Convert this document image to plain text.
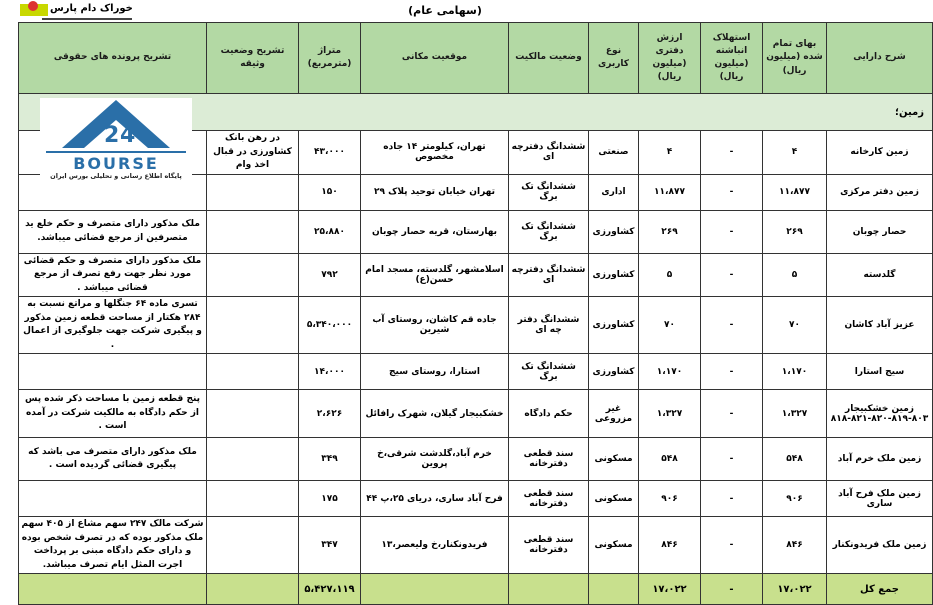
خوراک دام پارس	(سهامی عام)
شرح دارایی	بهای تمام شده (میلیون ریال)	استهلاک انباشته (میلیون ریال)	ارزش دفتری (میلیون ریال)	نوع کاربری	وضعیت مالکیت	موقعیت مکانی	متراژ (مترمربع)	تشریح وضعیت وثیقه	تشریح پرونده های حقوقی
زمین؛									
زمین کارخانه	۴	-	۴	صنعتی	ششدانگ دفترچه ای	تهران، کیلومتر ۱۴ جاده مخصوص	۴۳،۰۰۰	در رهن بانک کشاورزی در قبال اخذ وام	
زمین دفتر مرکزی	۱۱،۸۷۷	-	۱۱،۸۷۷	اداری	ششدانگ تک برگ	تهران خیابان توحید پلاک ۲۹	۱۵۰		
حصار چوبان	۲۶۹	-	۲۶۹	کشاورزی	ششدانگ تک برگ	بهارستان، قریه حصار چوبان	۲۵،۸۸۰		ملک مذکور دارای متصرف و حکم خلع ید متصرفین از مرجع قضائی میباشد.
گلدسته	۵	-	۵	کشاورزی	ششدانگ دفترچه ای	اسلامشهر، گلدسته، مسجد امام حسن(ع)	۷۹۲		ملک مذکور دارای متصرف و حکم قضائی مورد نظر جهت رفع تصرف از مرجع قضائی میباشد .
عزیز آباد کاشان	۷۰	-	۷۰	کشاورزی	ششدانگ دفتر چه ای	جاده قم کاشان، روستای آب شیرین	۵،۳۴۰،۰۰۰		تسری ماده ۶۴ جنگلها و مراتع نسبت به ۲۸۴ هکتار از مساحت قطعه زمین مذکور و پیگیری شرکت جهت جلوگیری از اعمال .
سیج استارا	۱،۱۷۰	-	۱،۱۷۰	کشاورزی	ششدانگ تک برگ	استارا، روستای سیج	۱۴،۰۰۰		
زمین خشکبیجار ۸۰۳-۸۱۹-۸۲۰-۸۲۱-۸۱۸	۱،۳۲۷	-	۱،۳۲۷	غیر مزروعی	حکم دادگاه	خشکبیجار گیلان، شهرک رافائل	۲،۶۲۶		پنج قطعه زمین با مساحت ذکر شده پس از حکم دادگاه به مالکیت شرکت در آمده است .
زمین ملک خرم آباد	۵۴۸	-	۵۴۸	مسکونی	سند قطعی دفترخانه	خرم آباد،گلدشت شرقی،خ پروین	۳۴۹		ملک مذکور دارای متصرف می باشد که پیگیری قضائی گردیده است .
زمین ملک فرح آباد ساری	۹۰۶	-	۹۰۶	مسکونی	سند قطعی دفترخانه	فرح آباد ساری، دریای ۲۵،پ ۴۴	۱۷۵		
زمین ملک فریدونکنار	۸۴۶	-	۸۴۶	مسکونی	سند قطعی دفترخانه	فریدونکنار،خ ولیعصر،۱۳	۳۴۷		شرکت مالک ۲۴۷ سهم مشاع از ۴۰۵ سهم ملک مذکور بوده که در تصرف شخص بوده و دارای حکم دادگاه مبنی بر پرداخت اجرت المثل ایام تصرف میباشد.
جمع کل	۱۷،۰۲۲	-	۱۷،۰۲۲				۵،۴۲۷،۱۱۹		
2 4
BOURSE
پایگاه اطلاع رسانی و تحلیلی بورس ایران
